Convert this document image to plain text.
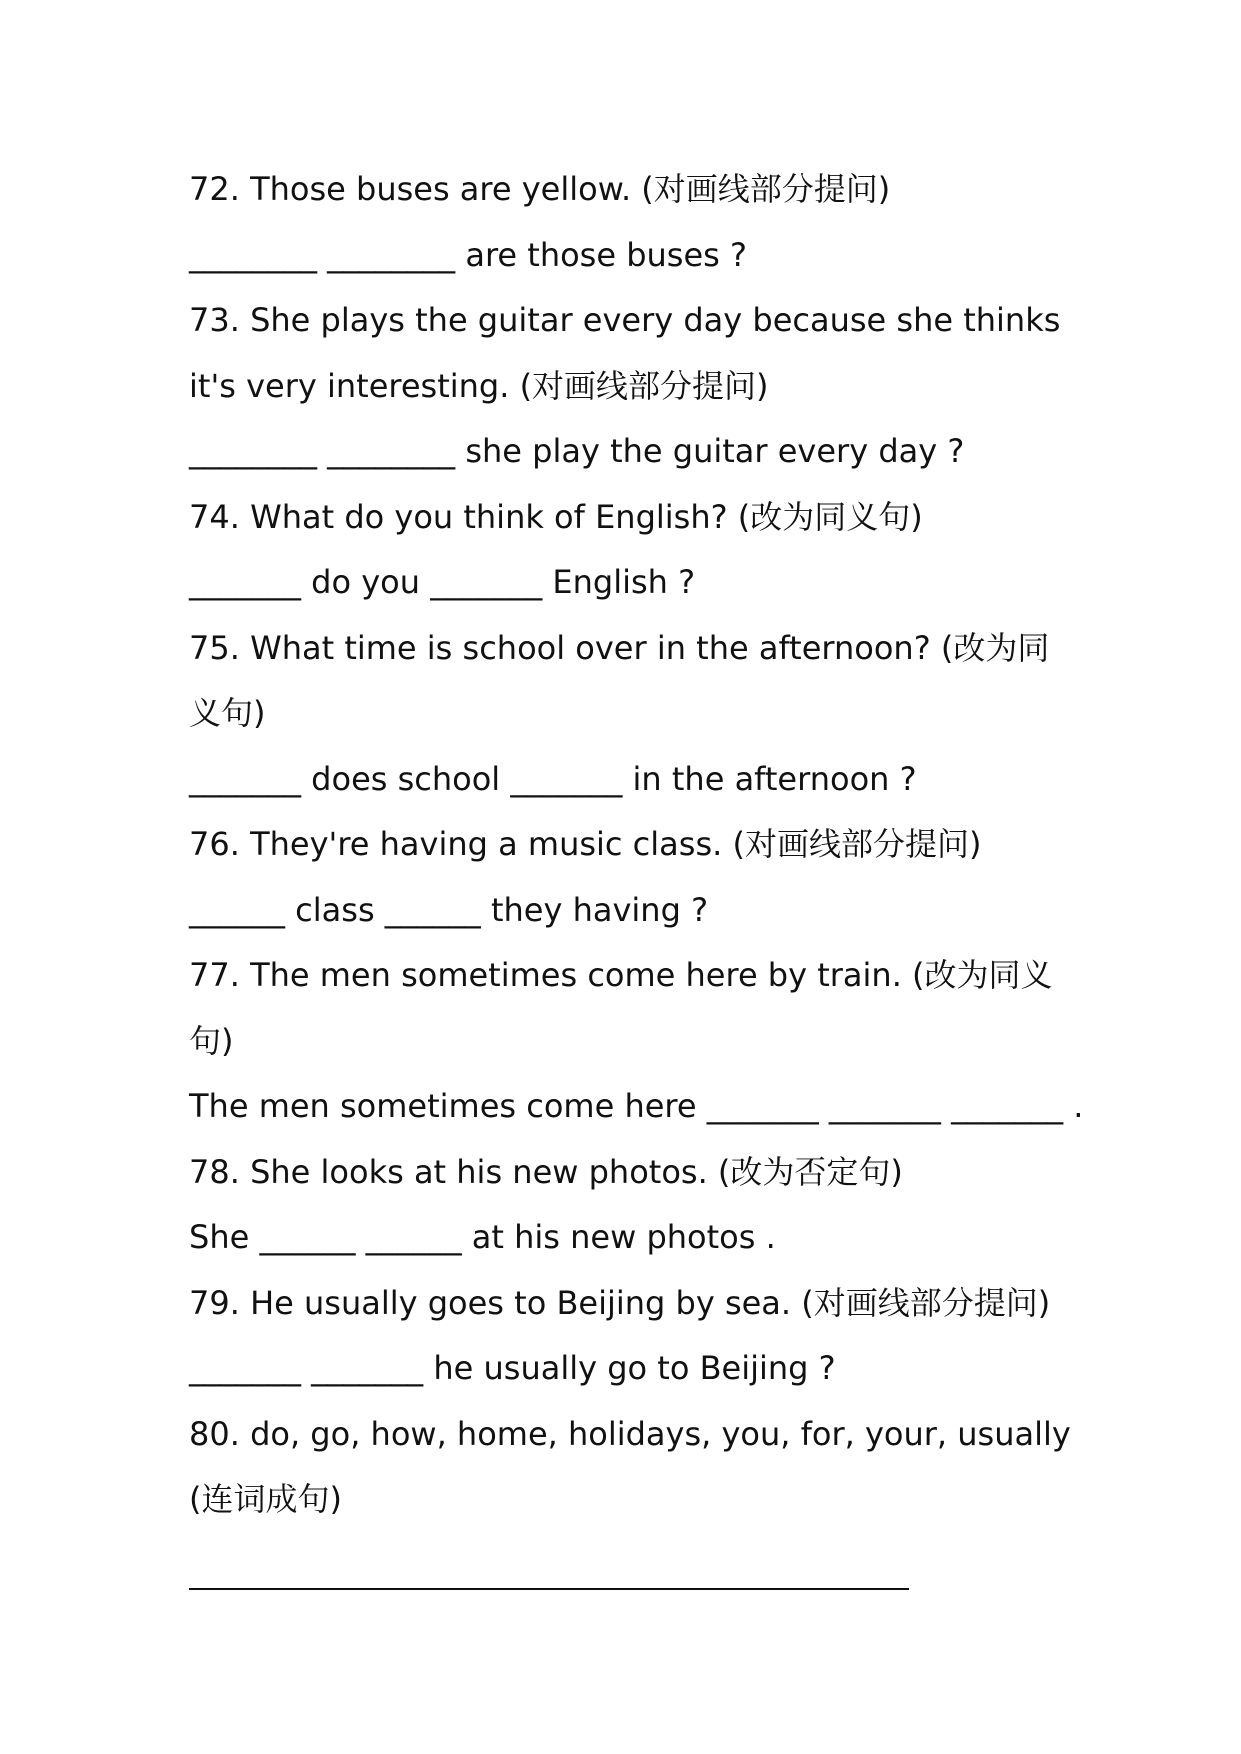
72. Those buses are yellow. (对画线部分提问)
________ ________ are those buses ?
73. She plays the guitar every day because she thinks
it's very interesting. (对画线部分提问)
________ ________ she play the guitar every day ?
74. What do you think of English? (改为同义句)
_______ do you _______ English ?
75. What time is school over in the afternoon? (改为同
义句)
_______ does school _______ in the afternoon ?
76. They're having a music class. (对画线部分提问)
______ class ______ they having ?
77. The men sometimes come here by train. (改为同义
句)
The men sometimes come here _______ _______ _______ .
78. She looks at his new photos. (改为否定句)
She ______ ______ at his new photos .
79. He usually goes to Beijing by sea. (对画线部分提问)
_______ _______ he usually go to Beijing ?
80. do, go, how, home, holidays, you, for, your, usually
(连词成句)
